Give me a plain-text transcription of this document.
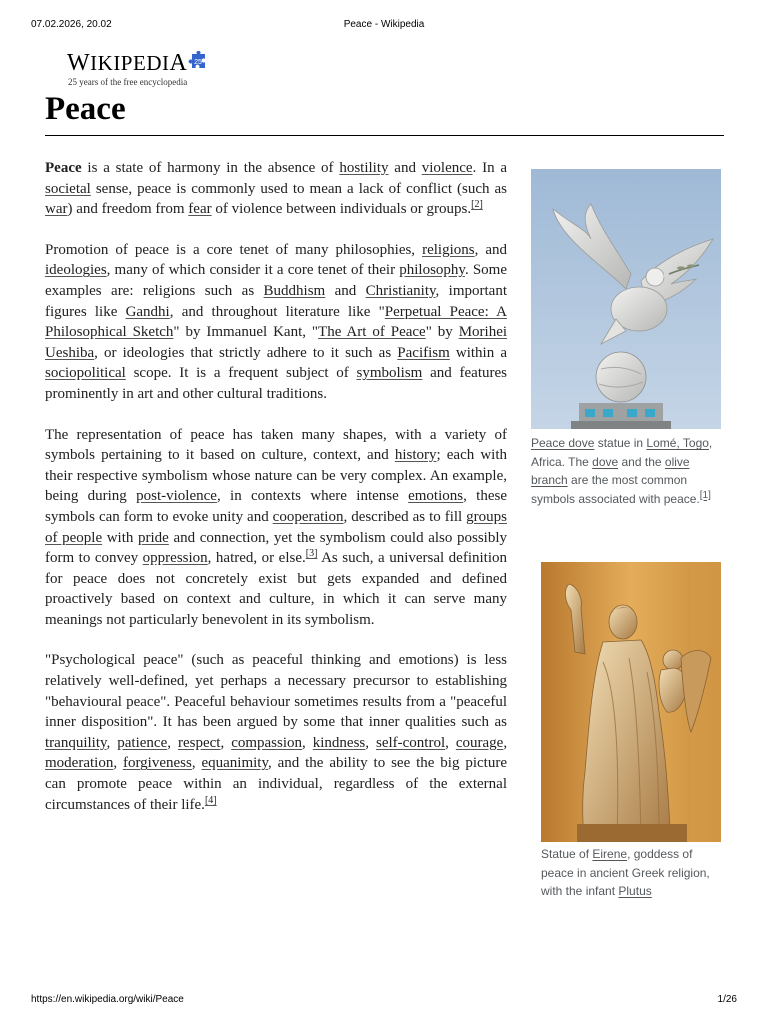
07.02.2026, 20.02	Peace - Wikipedia
WIKIPEDIA 25
25 years of the free encyclopedia
Peace

Peace is a state of harmony in the absence of hostility and violence. In a societal sense, peace is commonly used to mean a lack of conflict (such as war) and freedom from fear of violence between individuals or groups.[2]

Promotion of peace is a core tenet of many philosophies, religions, and ideologies, many of which consider it a core tenet of their philosophy. Some examples are: religions such as Buddhism and Christianity, important figures like Gandhi, and throughout literature like "Perpetual Peace: A Philosophical Sketch" by Immanuel Kant, "The Art of Peace" by Morihei Ueshiba, or ideologies that strictly adhere to it such as Pacifism within a sociopolitical scope. It is a frequent subject of symbolism and features prominently in art and other cultural traditions.

The representation of peace has taken many shapes, with a variety of symbols pertaining to it based on culture, context, and history; each with their respective symbolism whose nature can be very complex. An example, being during post-violence, in contexts where intense emotions, these symbols can form to evoke unity and cooperation, described as to fill groups of people with pride and connection, yet the symbolism could also possibly form to convey oppression, hatred, or else.[3] As such, a universal definition for peace does not concretely exist but gets expanded and defined proactively based on context and culture, in which it can serve many meanings not particularly benevolent in its symbolism.

"Psychological peace" (such as peaceful thinking and emotions) is less relatively well-defined, yet perhaps a necessary precursor to establishing "behavioural peace". Peaceful behaviour sometimes results from a "peaceful inner disposition". It has been argued by some that inner qualities such as tranquility, patience, respect, compassion, kindness, self-control, courage, moderation, forgiveness, equanimity, and the ability to see the big picture can promote peace within an individual, regardless of the external circumstances of their life.[4]

Peace dove statue in Lomé, Togo, Africa. The dove and the olive branch are the most common symbols associated with peace.[1]
Statue of Eirene, goddess of peace in ancient Greek religion, with the infant Plutus
https://en.wikipedia.org/wiki/Peace	1/26
